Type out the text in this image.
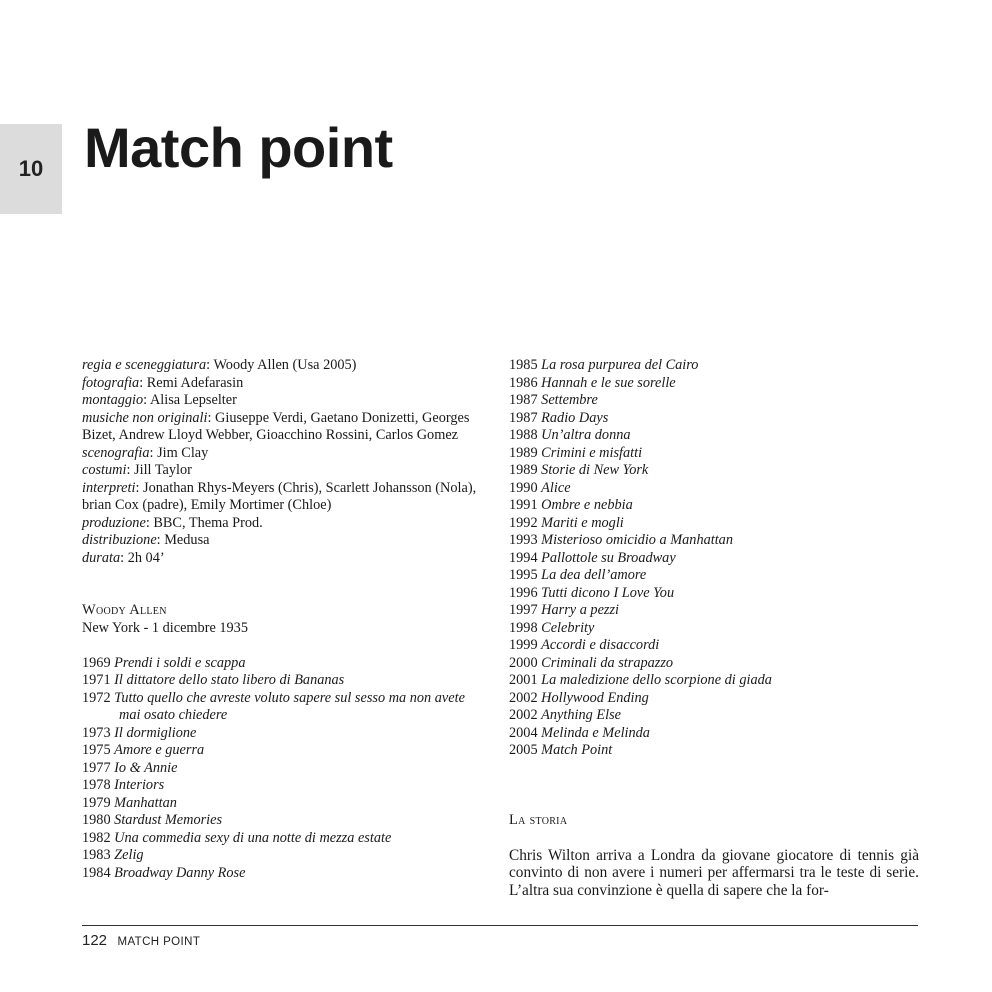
10 Match point

regia e sceneggiatura: Woody Allen (Usa 2005)

fotografia: Remi Adefarasin

montaggio: Alisa Lepselter

musiche non originali: Giuseppe Verdi, Gaetano Donizetti, Georges Bizet, Andrew Lloyd Webber, Gioacchino Rossini, Carlos Gomez

scenografia: Jim Clay

costumi: Jill Taylor

interpreti: Jonathan Rhys-Meyers (Chris), Scarlett Johansson (Nola), brian Cox (padre), Emily Mortimer (Chloe)

produzione: BBC, Thema Prod.

distribuzione: Medusa

durata: 2h 04’

Woody Allen

New York - 1 dicembre 1935

1969 Prendi i soldi e scappa
1971 Il dittatore dello stato libero di Bananas
1972 Tutto quello che avreste voluto sapere sul sesso ma non avete mai osato chiedere
1973 Il dormiglione
1975 Amore e guerra
1977 Io & Annie
1978 Interiors
1979 Manhattan
1980 Stardust Memories
1982 Una commedia sexy di una notte di mezza estate
1983 Zelig
1984 Broadway Danny Rose
1985 La rosa purpurea del Cairo
1986 Hannah e le sue sorelle
1987 Settembre
1987 Radio Days
1988 Un’altra donna
1989 Crimini e misfatti
1989 Storie di New York
1990 Alice
1991 Ombre e nebbia
1992 Mariti e mogli
1993 Misterioso omicidio a Manhattan
1994 Pallottole su Broadway
1995 La dea dell’amore
1996 Tutti dicono I Love You
1997 Harry a pezzi
1998 Celebrity
1999 Accordi e disaccordi
2000 Criminali da strapazzo
2001 La maledizione dello scorpione di giada
2002 Hollywood Ending
2002 Anything Else
2004 Melinda e Melinda
2005 Match Point

La storia

Chris Wilton arriva a Londra da giovane giocatore di tennis già convinto di non avere i numeri per affermarsi tra le teste di serie. L’altra sua convinzione è quella di sapere che la for-

122 MATCH POINT
